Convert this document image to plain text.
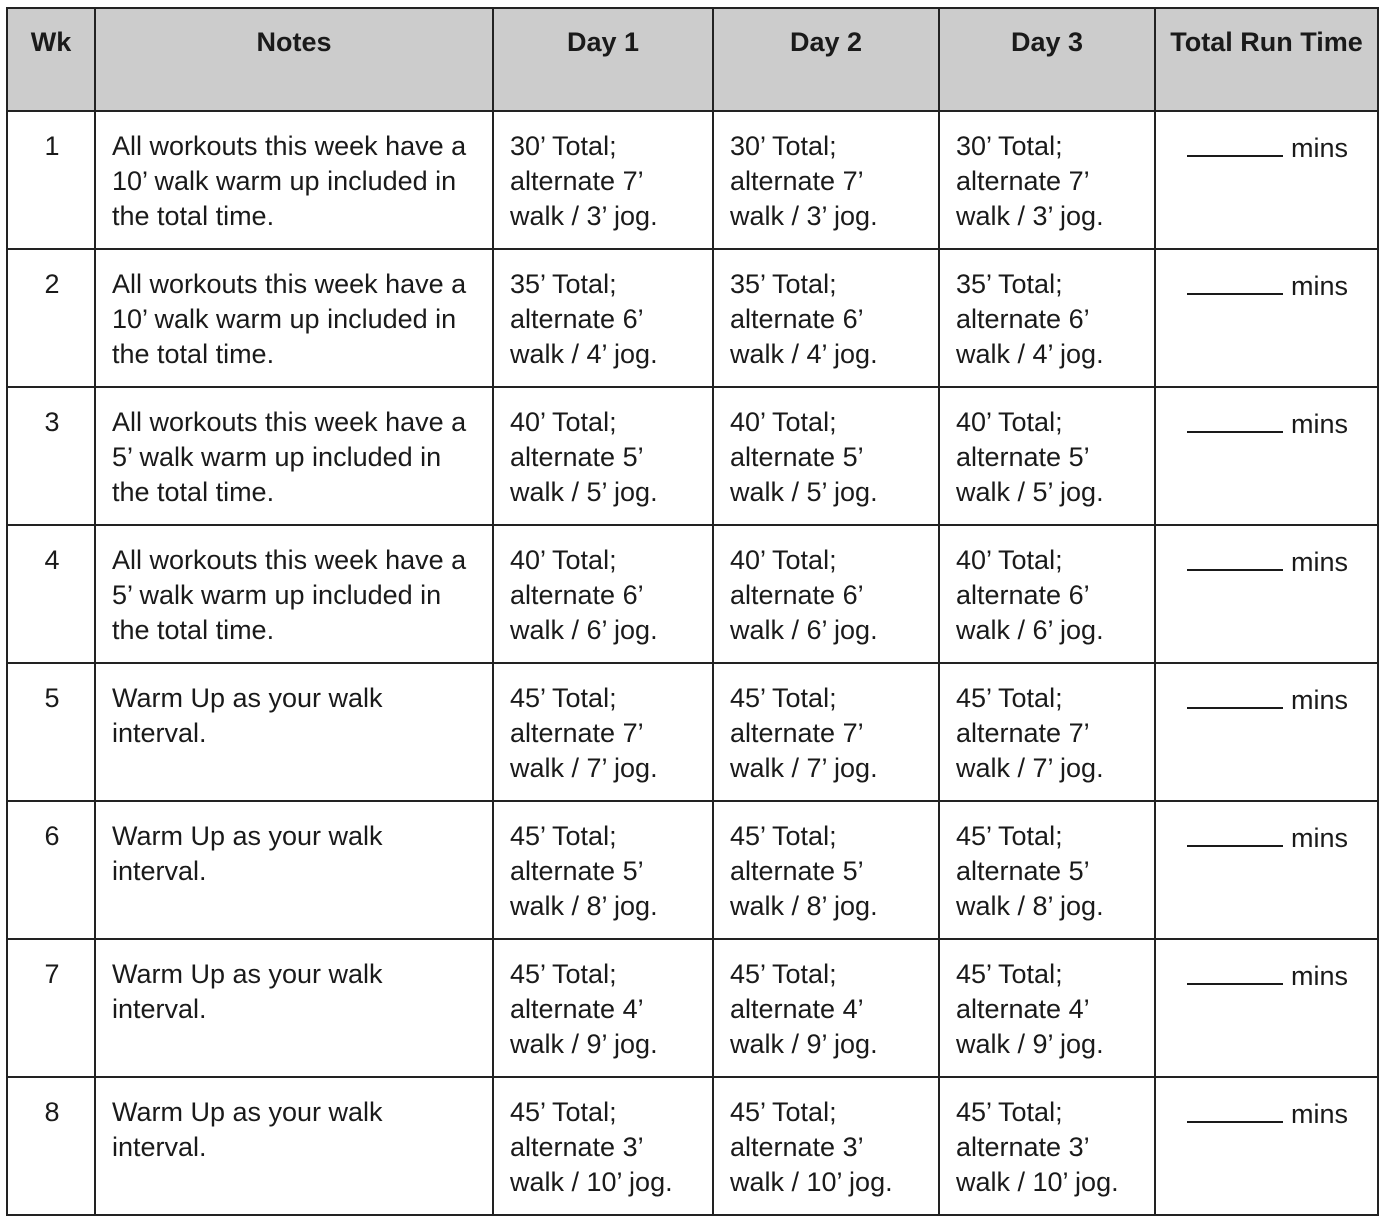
Wk	Notes	Day 1	Day 2	Day 3	Total Run Time
1	All workouts this week have a 10’ walk warm up included in the total time.	30’ Total; alternate 7’ walk / 3’ jog.	30’ Total; alternate 7’ walk / 3’ jog.	30’ Total; alternate 7’ walk / 3’ jog.	mins
2	All workouts this week have a 10’ walk warm up included in the total time.	35’ Total; alternate 6’ walk / 4’ jog.	35’ Total; alternate 6’ walk / 4’ jog.	35’ Total; alternate 6’ walk / 4’ jog.	mins
3	All workouts this week have a 5’ walk warm up included in the total time.	40’ Total; alternate 5’ walk / 5’ jog.	40’ Total; alternate 5’ walk / 5’ jog.	40’ Total; alternate 5’ walk / 5’ jog.	mins
4	All workouts this week have a 5’ walk warm up included in the total time.	40’ Total; alternate 6’ walk / 6’ jog.	40’ Total; alternate 6’ walk / 6’ jog.	40’ Total; alternate 6’ walk / 6’ jog.	mins
5	Warm Up as your walk interval.	45’ Total; alternate 7’ walk / 7’ jog.	45’ Total; alternate 7’ walk / 7’ jog.	45’ Total; alternate 7’ walk / 7’ jog.	mins
6	Warm Up as your walk interval.	45’ Total; alternate 5’ walk / 8’ jog.	45’ Total; alternate 5’ walk / 8’ jog.	45’ Total; alternate 5’ walk / 8’ jog.	mins
7	Warm Up as your walk interval.	45’ Total; alternate 4’ walk / 9’ jog.	45’ Total; alternate 4’ walk / 9’ jog.	45’ Total; alternate 4’ walk / 9’ jog.	mins
8	Warm Up as your walk interval.	45’ Total; alternate 3’ walk / 10’ jog.	45’ Total; alternate 3’ walk / 10’ jog.	45’ Total; alternate 3’ walk / 10’ jog.	mins
